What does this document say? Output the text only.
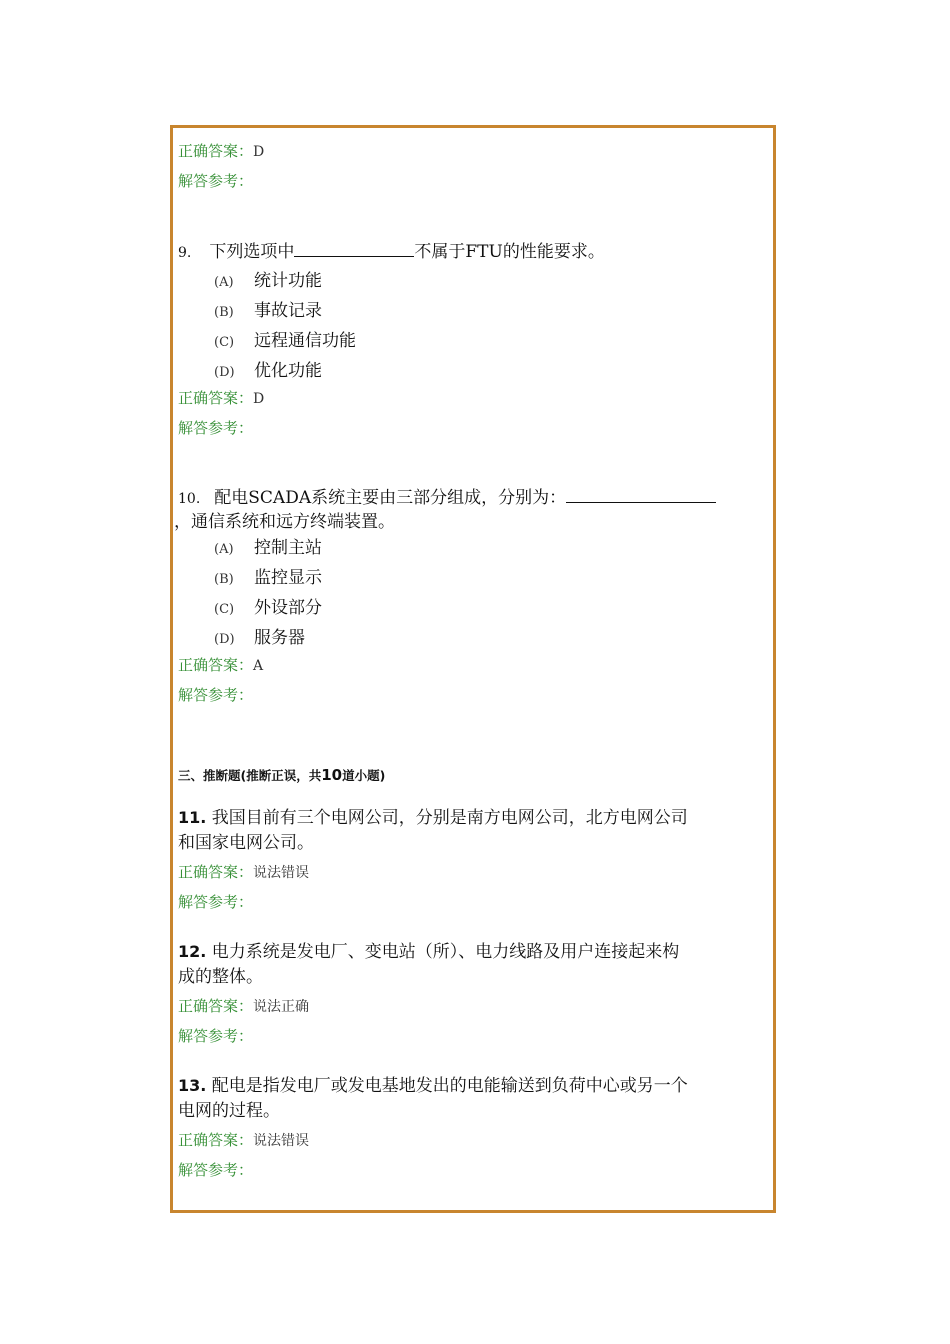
正确答案：D
解答参考：
9. 下列选项中	不属于FTU的性能要求。
(A) 统计功能
(B) 事故记录
(C) 远程通信功能
(D) 优化功能
正确答案：D
解答参考：
10. 配电SCADA系统主要由三部分组成，分别为：
，通信系统和远方终端装置。
(A) 控制主站
(B) 监控显示
(C) 外设部分
(D) 服务器
正确答案：A
解答参考：
三、推断题(推断正误，共10道小题)
11. 我国目前有三个电网公司，分别是南方电网公司，北方电网公司
和国家电网公司。
正确答案：说法错误
解答参考：
12. 电力系统是发电厂、变电站（所）、电力线路及用户连接起来构
成的整体。
正确答案：说法正确
解答参考：
13. 配电是指发电厂或发电基地发出的电能输送到负荷中心或另一个
电网的过程。
正确答案：说法错误
解答参考：
